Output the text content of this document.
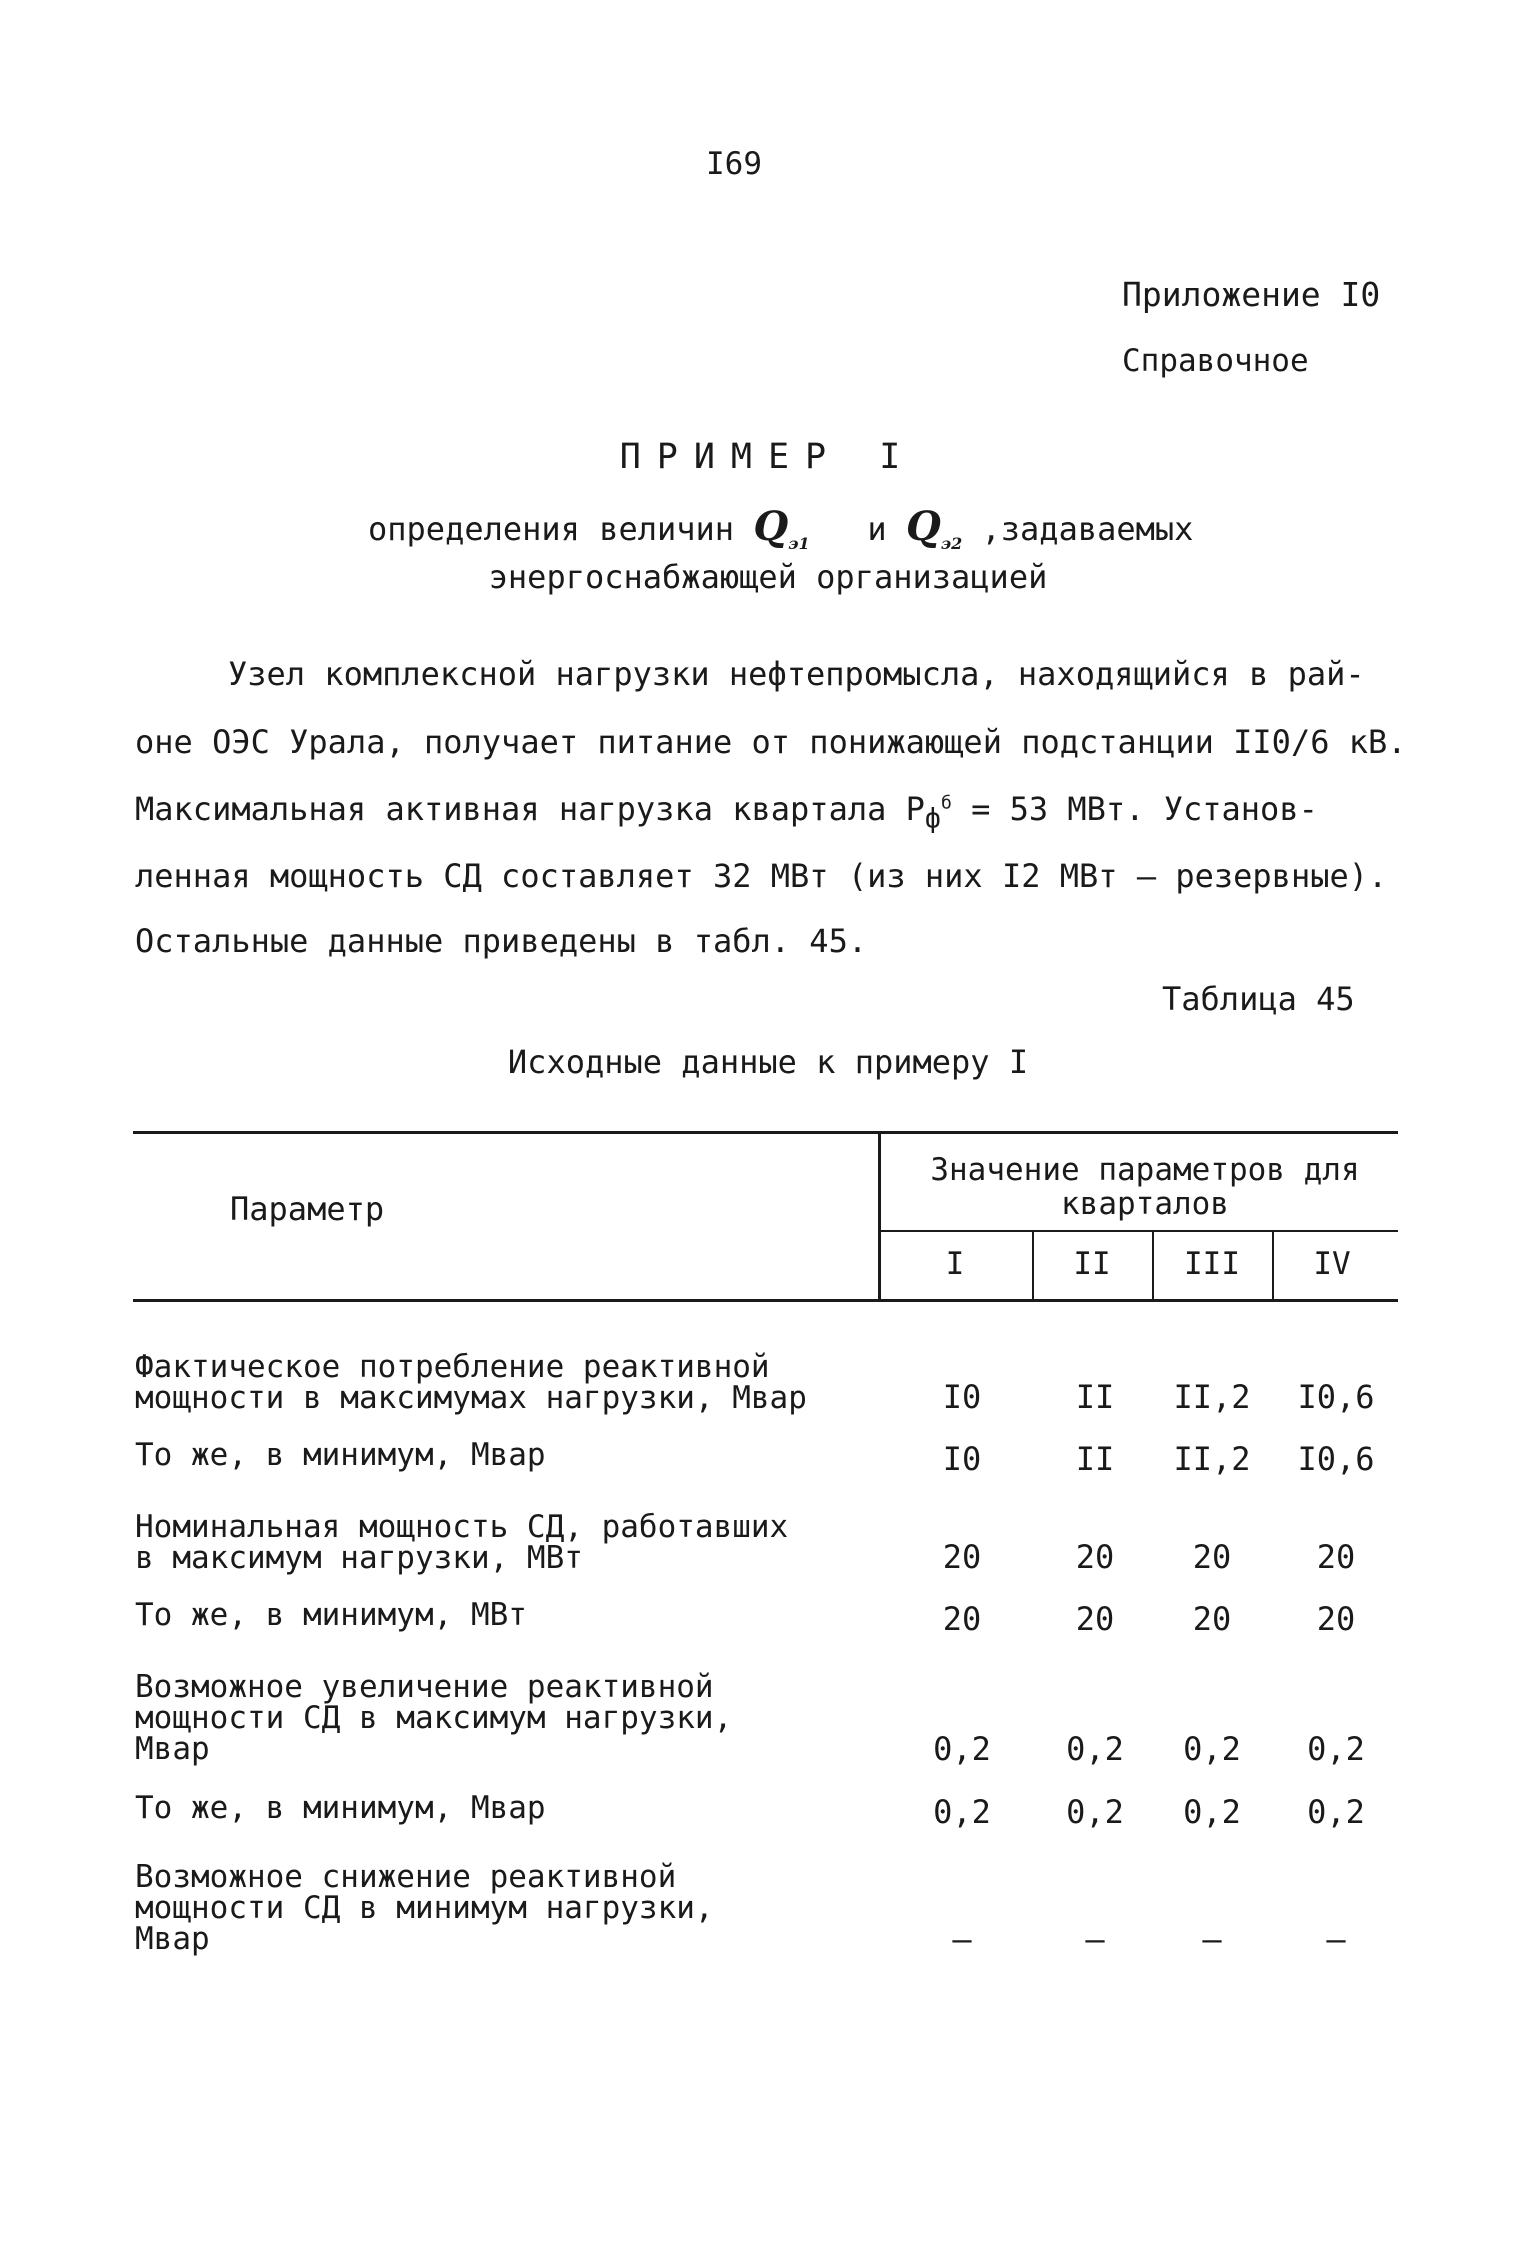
I69
Приложение I0
Справочное
ПРИМЕР I
определения величин $Q_{э1}$ и $Q_{э2}$ ,задаваемых
энергоснабжающей организацией
Узел комплексной нагрузки нефтепромысла, находящийся в рай-
оне ОЭС Урала, получает питание от понижающей подстанции II0/6 кВ.
Максимальная активная нагрузка квартала $Р_ф^б = 53$ МВт. Установ-
ленная мощность СД составляет 32 МВт (из них I2 МВт – резервные).
Остальные данные приведены в табл. 45.
Таблица 45
Исходные данные к примеру I
Параметр
Значение параметров для кварталов
I	II	III	IV
Фактическое потребление реактивной
мощности в максимумах нагрузки, Мвар	I0	II	II,2	I0,6
То же, в минимум, Мвар	I0	II	II,2	I0,6
Номинальная мощность СД, работавших
в максимум нагрузки, МВт	20	20	20	20
То же, в минимум, МВт	20	20	20	20
Возможное увеличение реактивной
мощности СД в максимум нагрузки,
Мвар	0,2	0,2	0,2	0,2
То же, в минимум, Мвар	0,2	0,2	0,2	0,2
Возможное снижение реактивной
мощности СД в минимум нагрузки,
Мвар	–	–	–	–
